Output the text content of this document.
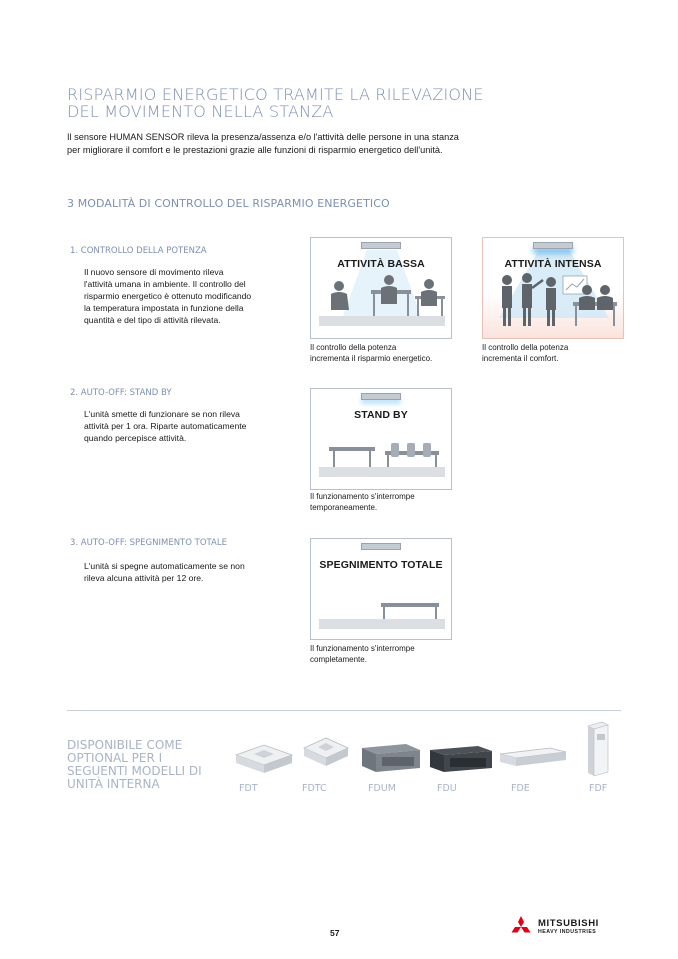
RISPARMIO ENERGETICO TRAMITE LA RILEVAZIONE
DEL MOVIMENTO NELLA STANZA
Il sensore HUMAN SENSOR rileva la presenza/assenza e/o l'attività delle persone in una stanza
per migliorare il comfort e le prestazioni grazie alle funzioni di risparmio energetico dell'unità.
3 MODALITÀ DI CONTROLLO DEL RISPARMIO ENERGETICO
1. CONTROLLO DELLA POTENZA
Il nuovo sensore di movimento rileva
l'attività umana in ambiente. Il controllo del
risparmio energetico è ottenuto modificando
la temperatura impostata in funzione della
quantità e del tipo di attività rilevata.
2. AUTO-OFF: STAND BY
L'unità smette di funzionare se non rileva
attività per 1 ora. Riparte automaticamente
quando percepisce attività.
3. AUTO-OFF: SPEGNIMENTO TOTALE
L'unità si spegne automaticamente se non
rileva alcuna attività per 12 ore.
ATTIVITÀ BASSA
Il controllo della potenza
incrementa il risparmio energetico.
ATTIVITÀ INTENSA
Il controllo della potenza
incrementa il comfort.
STAND BY
Il funzionamento s'interrompe
temporaneamente.
SPEGNIMENTO TOTALE
Il funzionamento s'interrompe
completamente.
DISPONIBILE COME
OPTIONAL PER I
SEGUENTI MODELLI DI
UNITÀ INTERNA	FDT	FDTC	FDUM	FDU	FDE	FDF
57
MITSUBISHI
HEAVY INDUSTRIES
